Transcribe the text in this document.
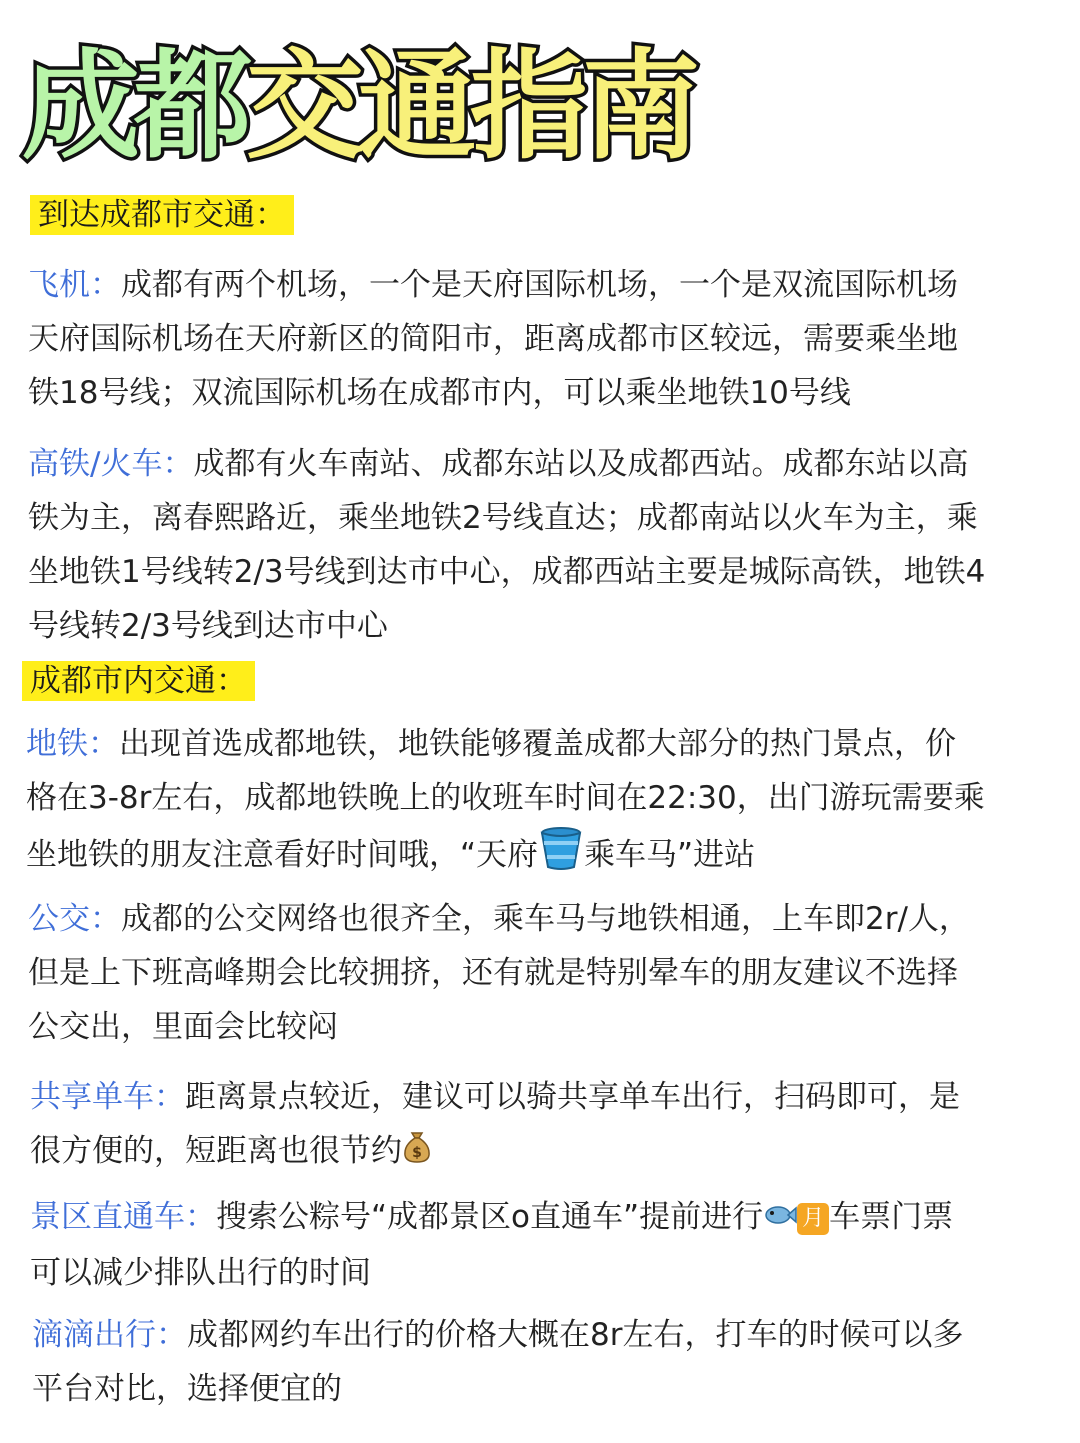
成都交通指南
到达成都市交通：

飞机：成都有两个机场，一个是天府国际机场，一个是双流国际机场
天府国际机场在天府新区的简阳市，距离成都市区较远，需要乘坐地
铁18号线；双流国际机场在成都市内，可以乘坐地铁10号线

高铁/火车：成都有火车南站、成都东站以及成都西站。成都东站以高
铁为主，离春熙路近，乘坐地铁2号线直达；成都南站以火车为主，乘
坐地铁1号线转2/3号线到达市中心，成都西站主要是城际高铁，地铁4
号线转2/3号线到达市中心

成都市内交通：

地铁：出现首选成都地铁，地铁能够覆盖成都大部分的热门景点，价
格在3-8r左右，成都地铁晚上的收班车时间在22:30，出门游玩需要乘
坐地铁的朋友注意看好时间哦，“天府 乘车马”进站

公交：成都的公交网络也很齐全，乘车马与地铁相通，上车即2r/人，
但是上下班高峰期会比较拥挤，还有就是特别晕车的朋友建议不选择
公交出，里面会比较闷

共享单车：距离景点较近，建议可以骑共享单车出行，扫码即可，是
很方便的，短距离也很节约 $

景区直通车：搜索公粽号“成都景区o直通车”提前进行 月 车票门票
可以减少排队出行的时间

滴滴出行：成都网约车出行的价格大概在8r左右，打车的时候可以多
平台对比，选择便宜的
